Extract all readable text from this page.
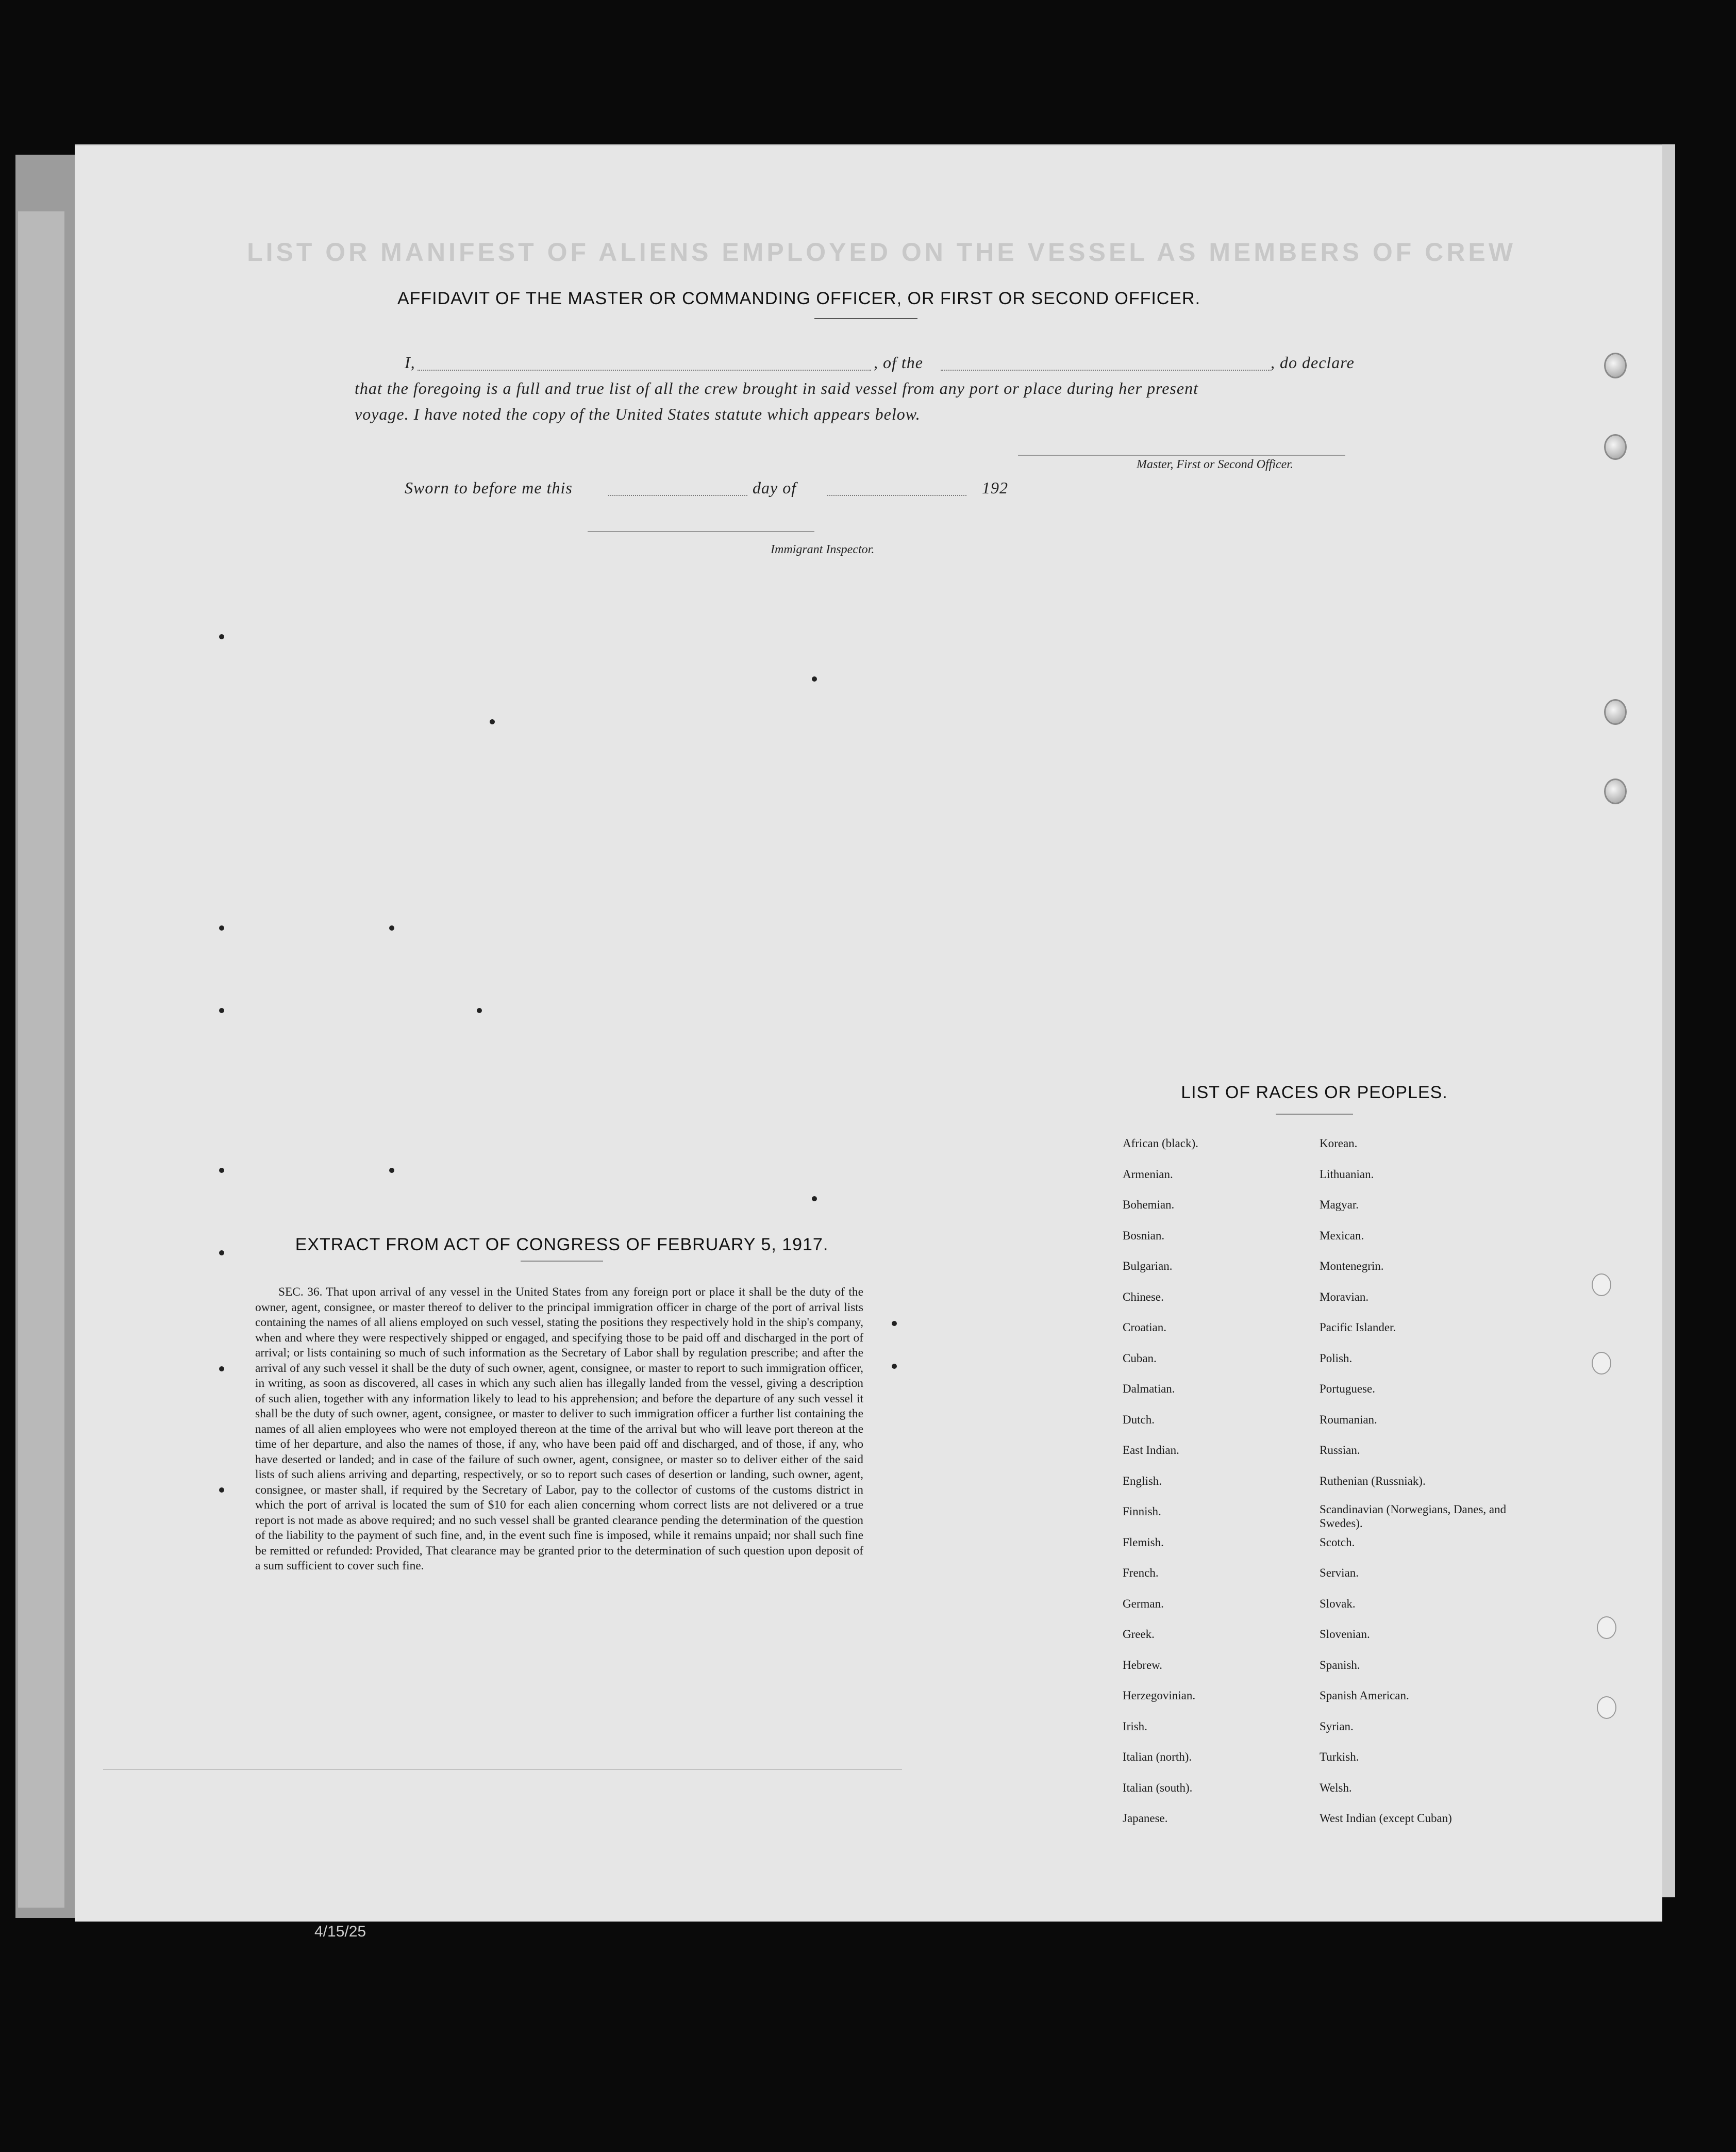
LIST OR MANIFEST OF ALIENS EMPLOYED ON THE VESSEL AS MEMBERS OF CREW
AFFIDAVIT OF THE MASTER OR COMMANDING OFFICER, OR FIRST OR SECOND OFFICER.
I,	, of the	, do declare
that the foregoing is a full and true list of all the crew brought in said vessel from any port or place during her present
voyage. I have noted the copy of the United States statute which appears below.
Master, First or Second Officer.
Sworn to before me this	day of	192
Immigrant Inspector.
EXTRACT FROM ACT OF CONGRESS OF FEBRUARY 5, 1917.

SEC. 36. That upon arrival of any vessel in the United States from any foreign port or place it shall be the duty of the owner, agent, consignee, or master thereof to deliver to the principal immigration officer in charge of the port of arrival lists containing the names of all aliens employed on such vessel, stating the positions they respectively hold in the ship's company, when and where they were respectively shipped or engaged, and specifying those to be paid off and discharged in the port of arrival; or lists containing so much of such information as the Secretary of Labor shall by regulation prescribe; and after the arrival of any such vessel it shall be the duty of such owner, agent, consignee, or master to report to such immigration officer, in writing, as soon as discovered, all cases in which any such alien has illegally landed from the vessel, giving a description of such alien, together with any information likely to lead to his apprehension; and before the departure of any such vessel it shall be the duty of such owner, agent, consignee, or master to deliver to such immigration officer a further list containing the names of all alien employees who were not employed thereon at the time of the arrival but who will leave port thereon at the time of her departure, and also the names of those, if any, who have been paid off and discharged, and of those, if any, who have deserted or landed; and in case of the failure of such owner, agent, consignee, or master so to deliver either of the said lists of such aliens arriving and departing, respectively, or so to report such cases of desertion or landing, such owner, agent, consignee, or master shall, if required by the Secretary of Labor, pay to the collector of customs of the customs district in which the port of arrival is located the sum of $10 for each alien concerning whom correct lists are not delivered or a true report is not made as above required; and no such vessel shall be granted clearance pending the determination of the question of the liability to the payment of such fine, and, in the event such fine is imposed, while it remains unpaid; nor shall such fine be remitted or refunded: Provided, That clearance may be granted prior to the determination of such question upon deposit of a sum sufficient to cover such fine.

LIST OF RACES OR PEOPLES.
African (black).
Armenian.
Bohemian.
Bosnian.
Bulgarian.
Chinese.
Croatian.
Cuban.
Dalmatian.
Dutch.
East Indian.
English.
Finnish.
Flemish.
French.
German.
Greek.
Hebrew.
Herzegovinian.
Irish.
Italian (north).
Italian (south).
Japanese.
Korean.
Lithuanian.
Magyar.
Mexican.
Montenegrin.
Moravian.
Pacific Islander.
Polish.
Portuguese.
Roumanian.
Russian.
Ruthenian (Russniak).
Scandinavian (Norwegians, Danes, and Swedes).
Scotch.
Servian.
Slovak.
Slovenian.
Spanish.
Spanish American.
Syrian.
Turkish.
Welsh.
West Indian (except Cuban)
4/15/25
